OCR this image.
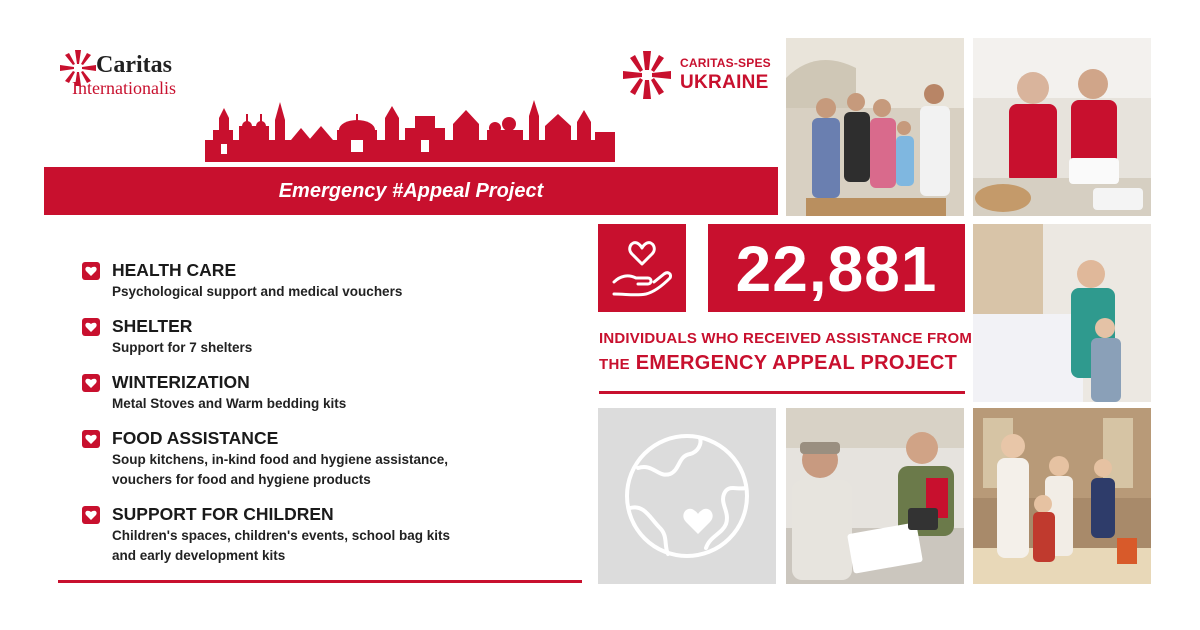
Caritas
Internationalis
CARITAS-SPES
UKRAINE
Emergency #Appeal Project
HEALTH CARE
Psychological support and medical vouchers
SHELTER
Support for 7 shelters
WINTERIZATION
Metal Stoves and Warm bedding kits
FOOD ASSISTANCE
Soup kitchens, in-kind food and hygiene assistance,
vouchers for food and hygiene products
SUPPORT FOR CHILDREN
Children's spaces, children's events, school bag kits
and early development kits
22,881
INDIVIDUALS WHO RECEIVED ASSISTANCE FROM
THE EMERGENCY APPEAL PROJECT
